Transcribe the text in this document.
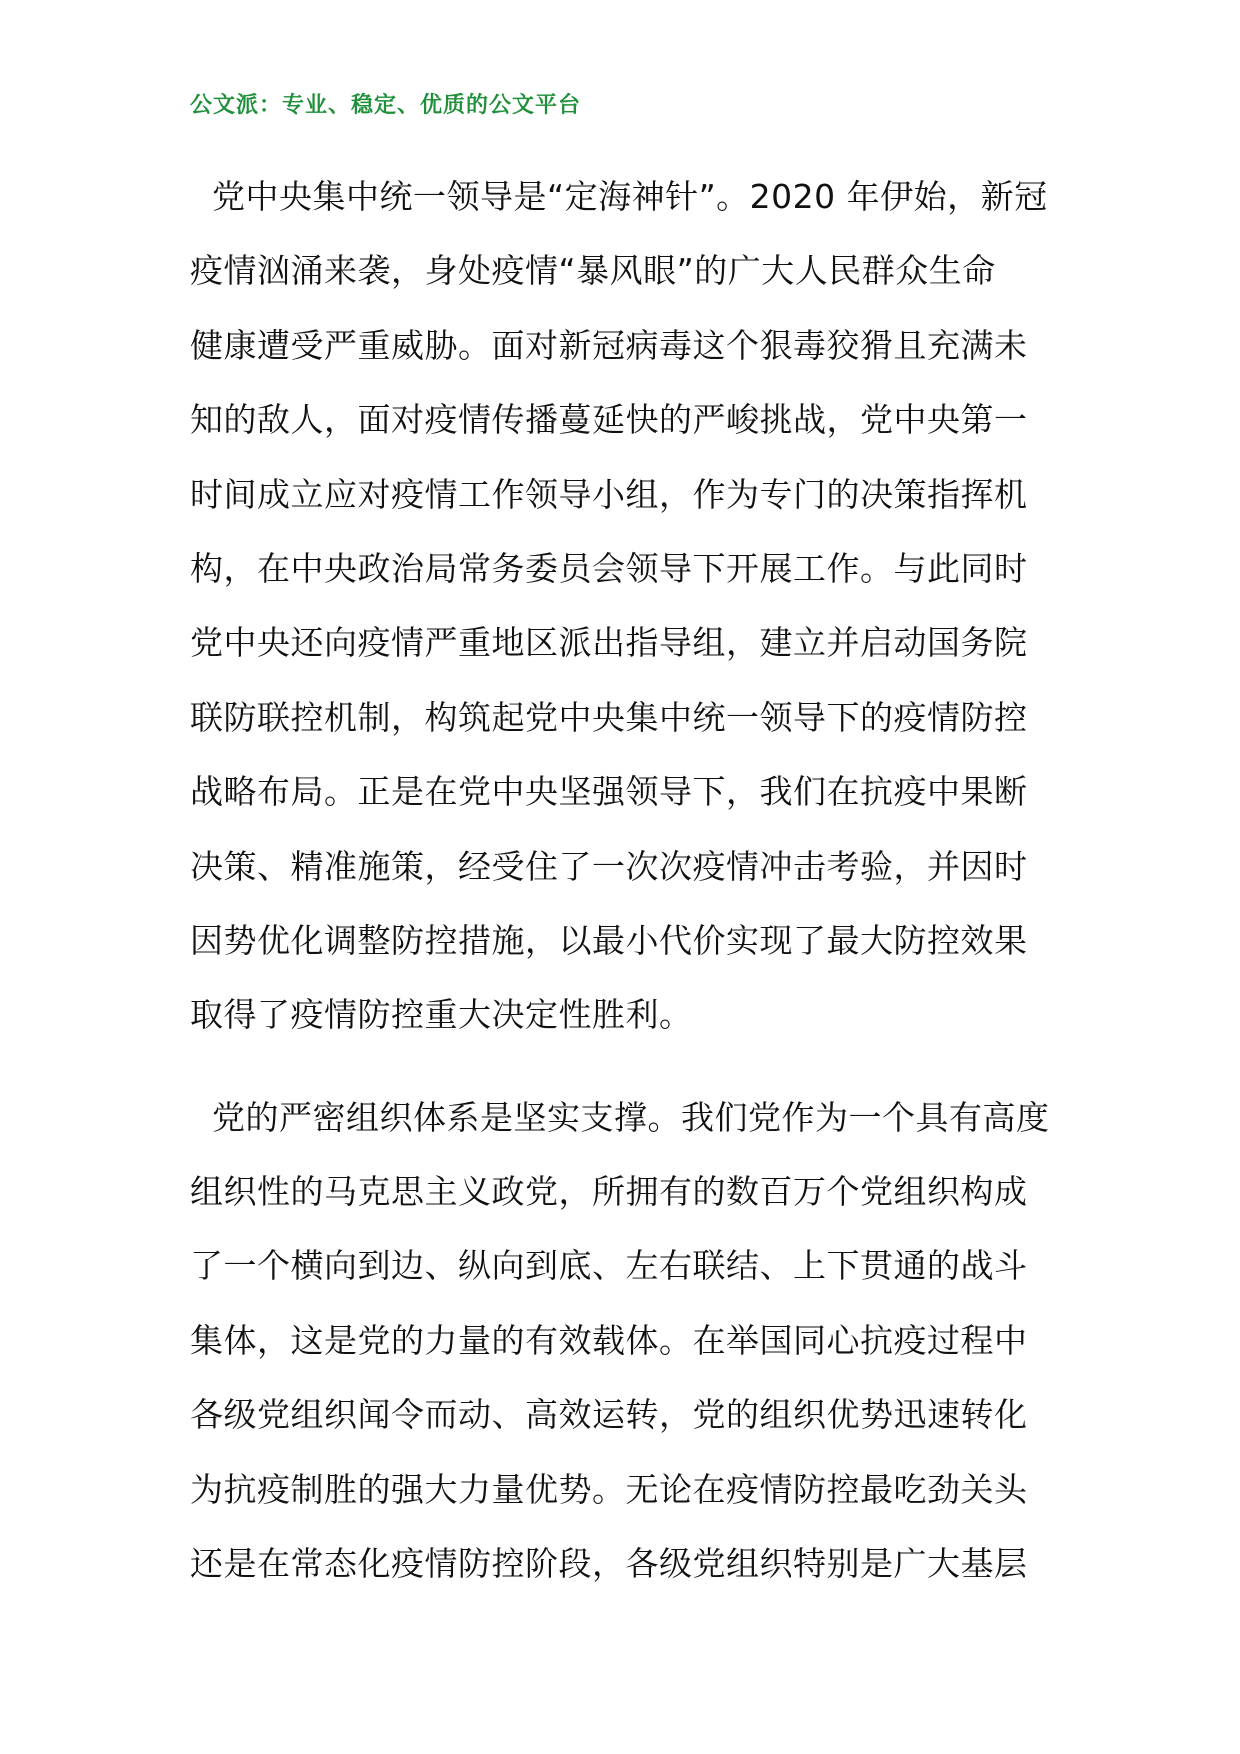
公文派：专业、稳定、优质的公文平台

党中央集中统一领导是“定海神针”。2020 年伊始，新冠
疫情汹涌来袭，身处疫情“暴风眼”的广大人民群众生命
健康遭受严重威胁。面对新冠病毒这个狠毒狡猾且充满未
知的敌人，面对疫情传播蔓延快的严峻挑战，党中央第一
时间成立应对疫情工作领导小组，作为专门的决策指挥机
构，在中央政治局常务委员会领导下开展工作。与此同时
党中央还向疫情严重地区派出指导组，建立并启动国务院
联防联控机制，构筑起党中央集中统一领导下的疫情防控
战略布局。正是在党中央坚强领导下，我们在抗疫中果断
决策、精准施策，经受住了一次次疫情冲击考验，并因时
因势优化调整防控措施，以最小代价实现了最大防控效果
取得了疫情防控重大决定性胜利。

党的严密组织体系是坚实支撑。我们党作为一个具有高度
组织性的马克思主义政党，所拥有的数百万个党组织构成
了一个横向到边、纵向到底、左右联结、上下贯通的战斗
集体，这是党的力量的有效载体。在举国同心抗疫过程中
各级党组织闻令而动、高效运转，党的组织优势迅速转化
为抗疫制胜的强大力量优势。无论在疫情防控最吃劲关头
还是在常态化疫情防控阶段，各级党组织特别是广大基层
